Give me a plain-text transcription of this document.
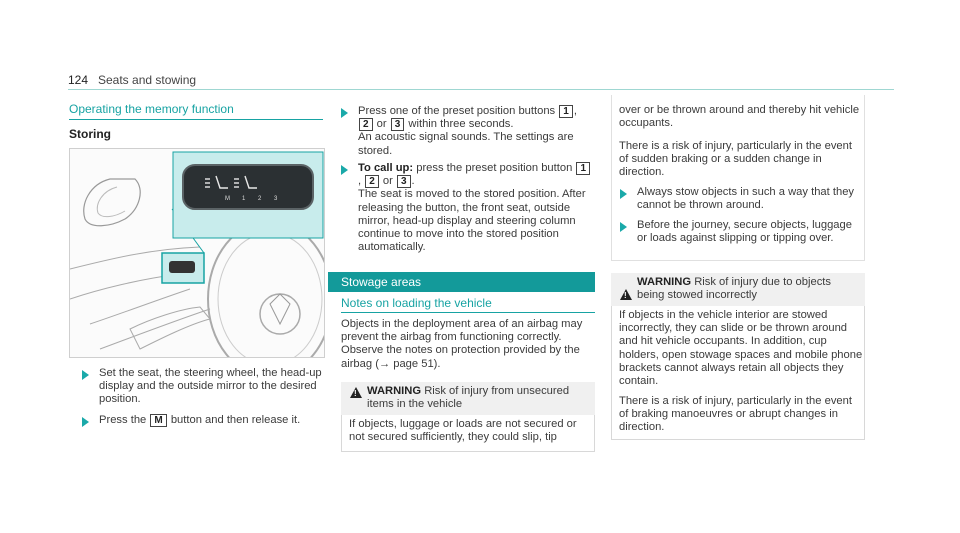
124 Seats and stowing
Operating the memory function
Storing
M 1 2 3
Set the seat, the steering wheel, the head-up display and the outside mirror to the desired position.
Press the M button and then release it.
Press one of the preset position buttons 1 , 2 or 3 within three seconds.
An acoustic signal sounds. The settings are stored.
To call up: press the preset position button 1, 2 or 3 .
The seat is moved to the stored position. After releasing the button, the front seat, outside mirror, head-up display and steering column continue to move into the stored position automatically.
Stowage areas
Notes on loading the vehicle
Objects in the deployment area of an airbag may prevent the airbag from functioning correctly. Observe the notes on protection provided by the airbag (→ page 51).
! WARNING Risk of injury from unsecured items in the vehicle
If objects, luggage or loads are not secured or not secured sufficiently, they could slip, tip
over or be thrown around and thereby hit vehicle occupants.
There is a risk of injury, particularly in the event of sudden braking or a sudden change in direction.
Always stow objects in such a way that they cannot be thrown around.
Before the journey, secure objects, luggage or loads against slipping or tipping over.
!
WARNING Risk of injury due to objects being stowed incorrectly
If objects in the vehicle interior are stowed incorrectly, they can slide or be thrown around and hit vehicle occupants. In addition, cup holders, open stowage spaces and mobile phone brackets cannot always retain all objects they contain.
There is a risk of injury, particularly in the event of braking manoeuvres or abrupt changes in direction.
